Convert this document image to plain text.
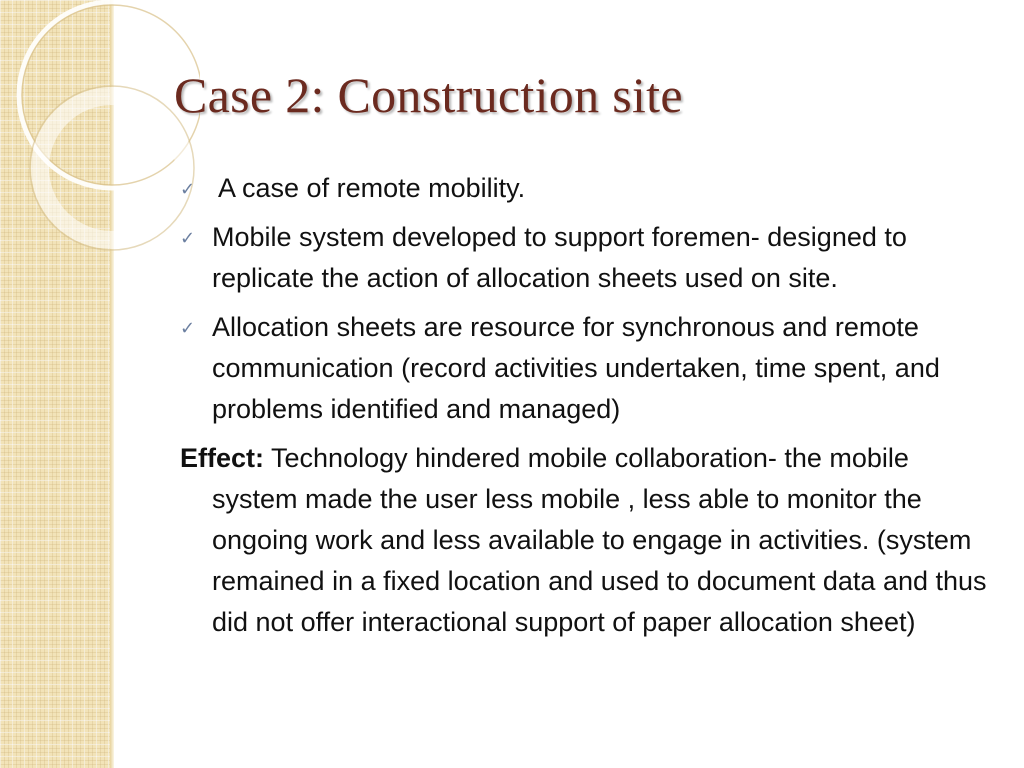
Case 2: Construction site
✓ A case of remote mobility.
✓ Mobile system developed to support foremen- designed to replicate the action of allocation sheets used on site.
✓ Allocation sheets are resource for synchronous and remote communication (record activities undertaken, time spent, and problems identified and managed)
Effect: Technology hindered mobile collaboration- the mobile system made the user less mobile , less able to monitor the ongoing work and less available to engage in activities. (system remained in a fixed location and used to document data and thus did not offer interactional support of paper allocation sheet)
